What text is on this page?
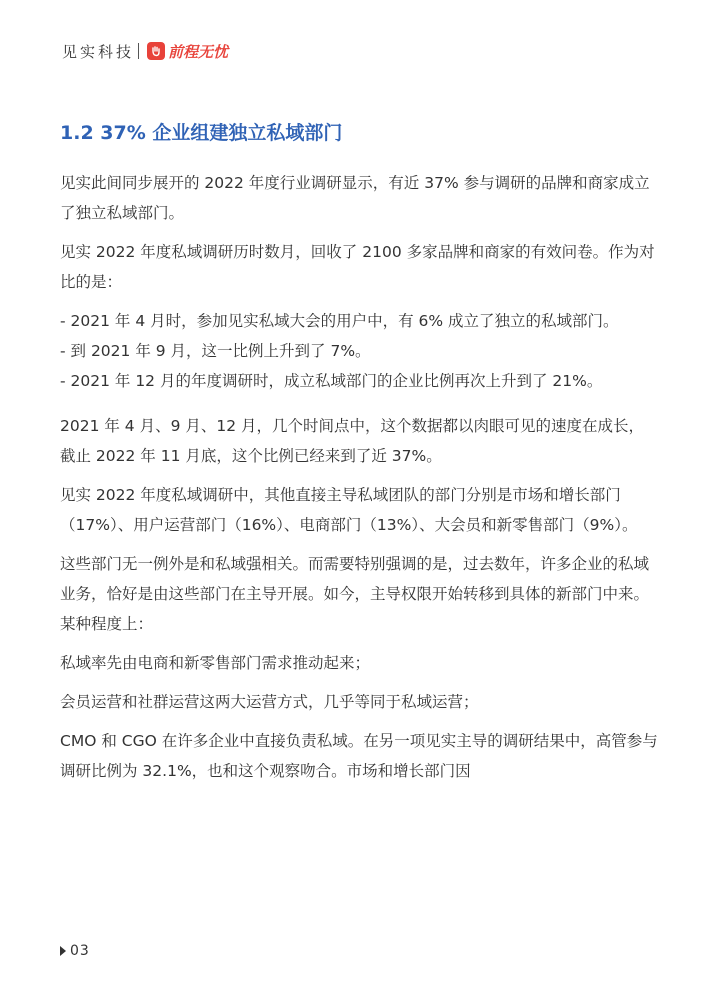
见实科技 前程无忧
1.2 37% 企业组建独立私域部门

见实此间同步展开的 2022 年度行业调研显示，有近 37% 参与调研的品牌和商家成立了独立私域部门。

见实 2022 年度私域调研历时数月，回收了 2100 多家品牌和商家的有效问卷。作为对比的是：

- 2021 年 4 月时，参加见实私域大会的用户中，有 6% 成立了独立的私域部门。
- 到 2021 年 9 月，这一比例上升到了 7%。
- 2021 年 12 月的年度调研时，成立私域部门的企业比例再次上升到了 21%。

2021 年 4 月、9 月、12 月，几个时间点中，这个数据都以肉眼可见的速度在成长，截止 2022 年 11 月底，这个比例已经来到了近 37%。

见实 2022 年度私域调研中，其他直接主导私域团队的部门分别是市场和增长部门（17%）、用户运营部门（16%）、电商部门（13%）、大会员和新零售部门（9%）。

这些部门无一例外是和私域强相关。而需要特别强调的是，过去数年，许多企业的私域业务，恰好是由这些部门在主导开展。如今，主导权限开始转移到具体的新部门中来。某种程度上：

私域率先由电商和新零售部门需求推动起来；

会员运营和社群运营这两大运营方式，几乎等同于私域运营；

CMO 和 CGO 在许多企业中直接负责私域。在另一项见实主导的调研结果中，高管参与调研比例为 32.1%，也和这个观察吻合。市场和增长部门因

03
